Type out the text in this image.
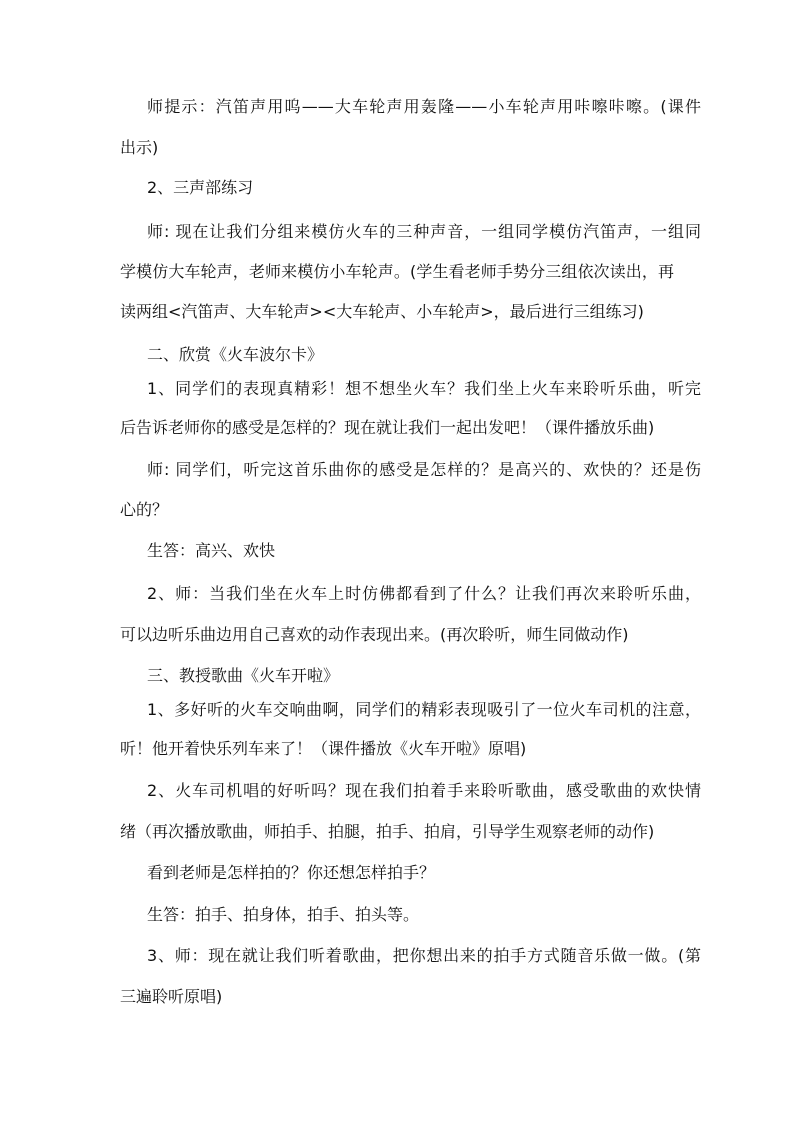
师提示：汽笛声用呜——大车轮声用轰隆——小车轮声用咔嚓咔嚓。(课件
出示)
2、三声部练习
师: 现在让我们分组来模仿火车的三种声音，一组同学模仿汽笛声，一组同
学模仿大车轮声，老师来模仿小车轮声。(学生看老师手势分三组依次读出，再
读两组<汽笛声、大车轮声><大车轮声、小车轮声>，最后进行三组练习)
二、欣赏《火车波尔卡》
1、同学们的表现真精彩！想不想坐火车？我们坐上火车来聆听乐曲，听完
后告诉老师你的感受是怎样的？现在就让我们一起出发吧！（课件播放乐曲)
师: 同学们，听完这首乐曲你的感受是怎样的？是高兴的、欢快的？还是伤
心的？
生答：高兴、欢快
2、师：当我们坐在火车上时仿佛都看到了什么？让我们再次来聆听乐曲，
可以边听乐曲边用自己喜欢的动作表现出来。(再次聆听，师生同做动作)
三、教授歌曲《火车开啦》
1、多好听的火车交响曲啊，同学们的精彩表现吸引了一位火车司机的注意，
听！他开着快乐列车来了！（课件播放《火车开啦》原唱)
2、火车司机唱的好听吗？现在我们拍着手来聆听歌曲，感受歌曲的欢快情
绪（再次播放歌曲，师拍手、拍腿，拍手、拍肩，引导学生观察老师的动作)
看到老师是怎样拍的？你还想怎样拍手？
生答：拍手、拍身体，拍手、拍头等。
3、师：现在就让我们听着歌曲，把你想出来的拍手方式随音乐做一做。(第
三遍聆听原唱)
